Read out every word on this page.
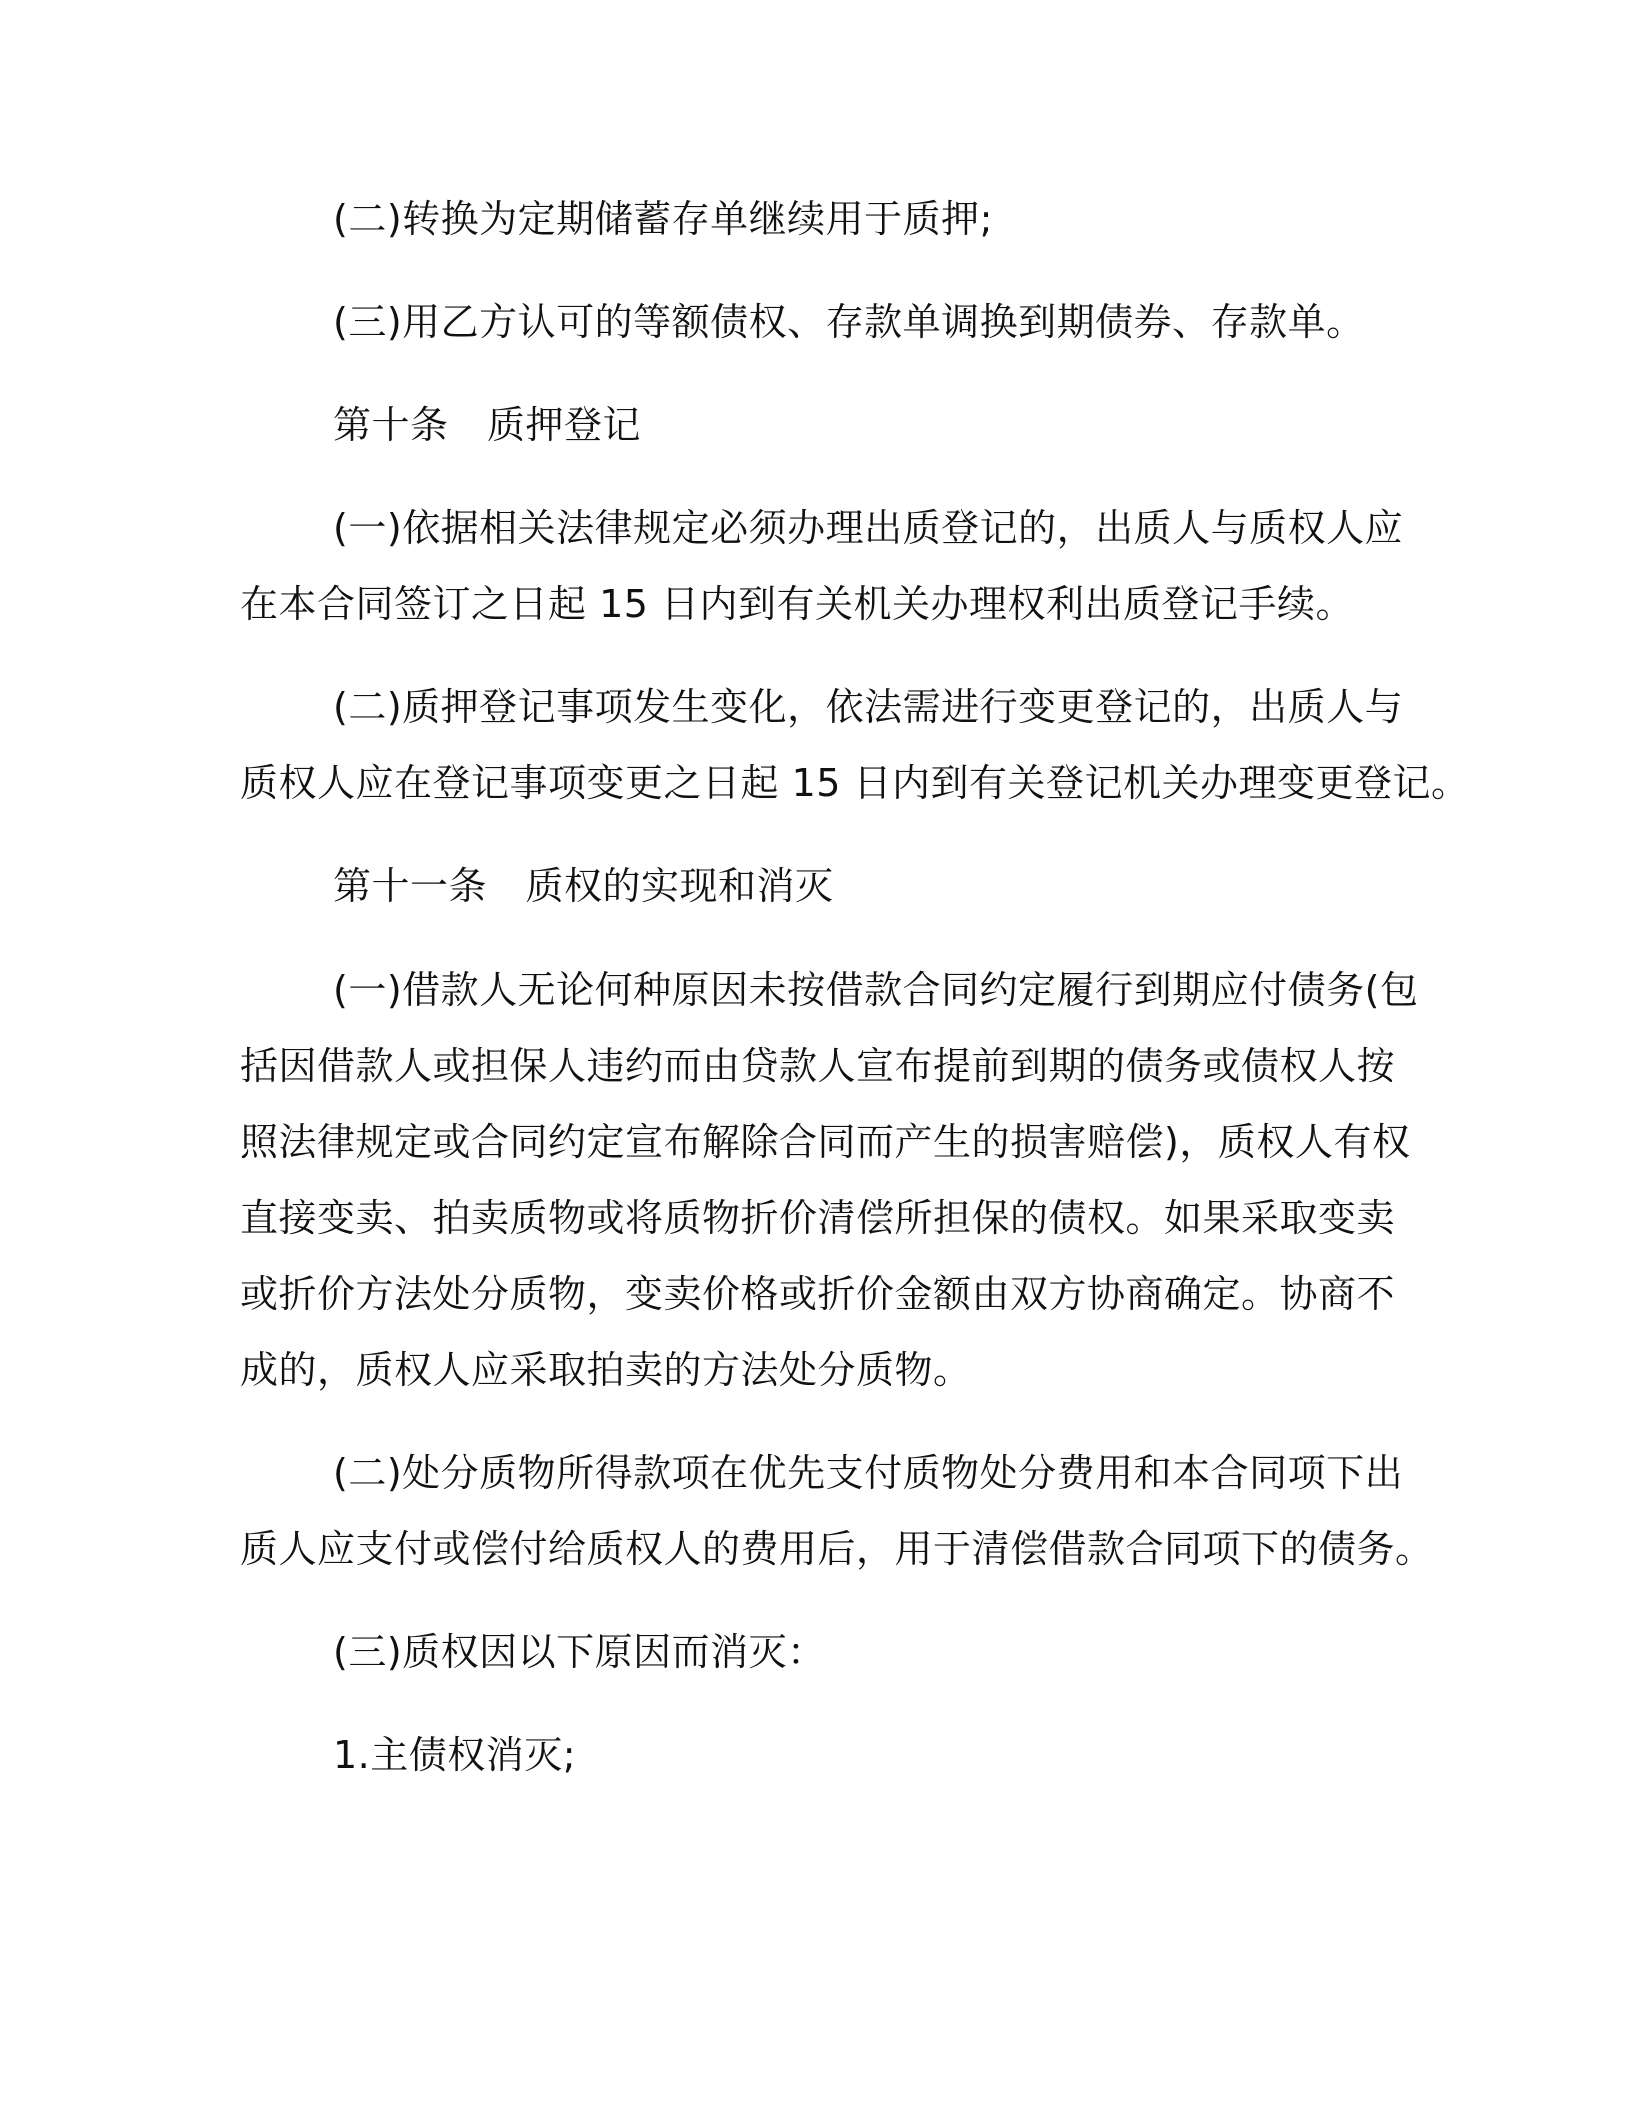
(二)转换为定期储蓄存单继续用于质押;
(三)用乙方认可的等额债权、存款单调换到期债券、存款单。
第十条　质押登记
(一)依据相关法律规定必须办理出质登记的，出质人与质权人应
在本合同签订之日起 15 日内到有关机关办理权利出质登记手续。
(二)质押登记事项发生变化，依法需进行变更登记的，出质人与
质权人应在登记事项变更之日起 15 日内到有关登记机关办理变更登记。
第十一条　质权的实现和消灭
(一)借款人无论何种原因未按借款合同约定履行到期应付债务(包
括因借款人或担保人违约而由贷款人宣布提前到期的债务或债权人按
照法律规定或合同约定宣布解除合同而产生的损害赔偿)，质权人有权
直接变卖、拍卖质物或将质物折价清偿所担保的债权。如果采取变卖
或折价方法处分质物，变卖价格或折价金额由双方协商确定。协商不
成的，质权人应采取拍卖的方法处分质物。
(二)处分质物所得款项在优先支付质物处分费用和本合同项下出
质人应支付或偿付给质权人的费用后，用于清偿借款合同项下的债务。
(三)质权因以下原因而消灭：
1.主债权消灭;
